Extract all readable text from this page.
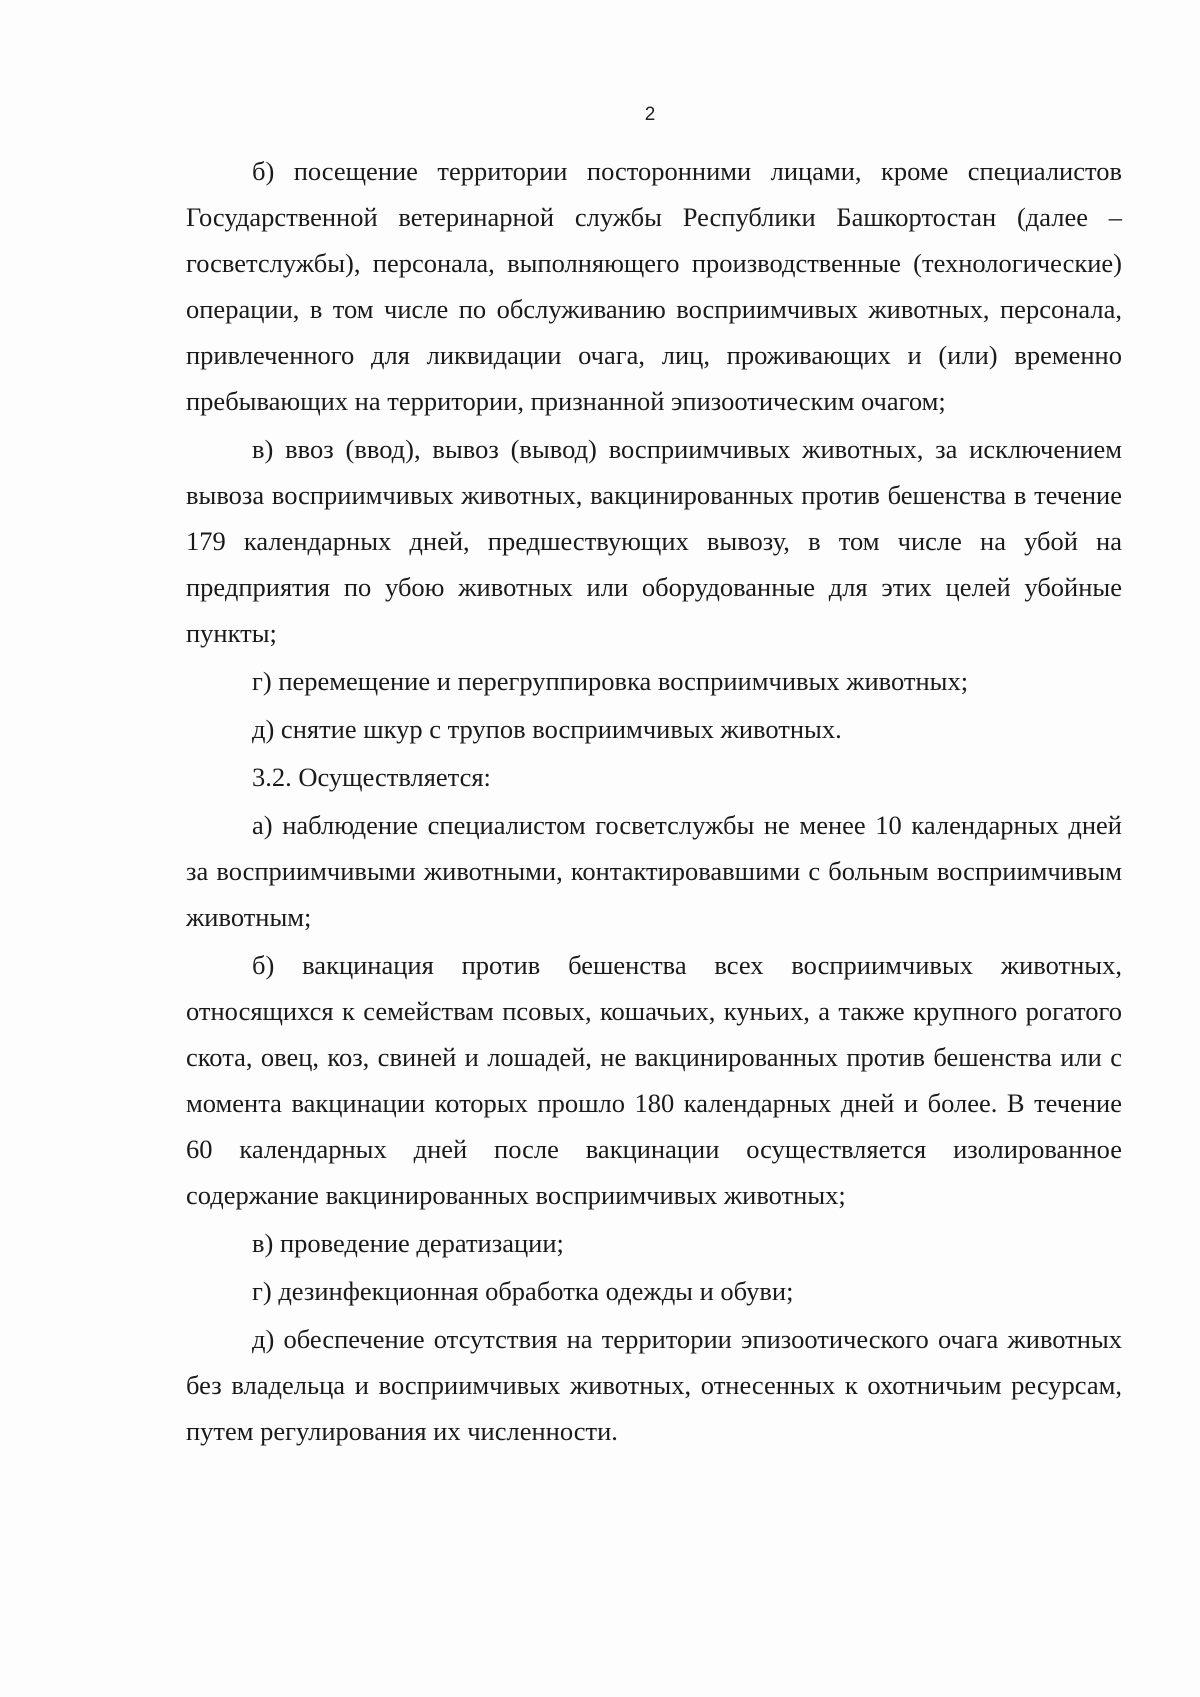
2

б) посещение территории посторонними лицами, кроме специалистов Государственной ветеринарной службы Республики Башкортостан (далее – госветслужбы), персонала, выполняющего производственные (технологические) операции, в том числе по обслуживанию восприимчивых животных, персонала, привлеченного для ликвидации очага, лиц, проживающих и (или) временно пребывающих на территории, признанной эпизоотическим очагом;

в) ввоз (ввод), вывоз (вывод) восприимчивых животных, за исключением вывоза восприимчивых животных, вакцинированных против бешенства в течение 179 календарных дней, предшествующих вывозу, в том числе на убой на предприятия по убою животных или оборудованные для этих целей убойные пункты;

г) перемещение и перегруппировка восприимчивых животных;

д) снятие шкур с трупов восприимчивых животных.

3.2. Осуществляется:

а) наблюдение специалистом госветслужбы не менее 10 календарных дней за восприимчивыми животными, контактировавшими с больным восприимчивым животным;

б) вакцинация против бешенства всех восприимчивых животных, относящихся к семействам псовых, кошачьих, куньих, а также крупного рогатого скота, овец, коз, свиней и лошадей, не вакцинированных против бешенства или с момента вакцинации которых прошло 180 календарных дней и более. В течение 60 календарных дней после вакцинации осуществляется изолированное содержание вакцинированных восприимчивых животных;

в) проведение дератизации;

г) дезинфекционная обработка одежды и обуви;

д) обеспечение отсутствия на территории эпизоотического очага животных без владельца и восприимчивых животных, отнесенных к охотничьим ресурсам, путем регулирования их численности.
